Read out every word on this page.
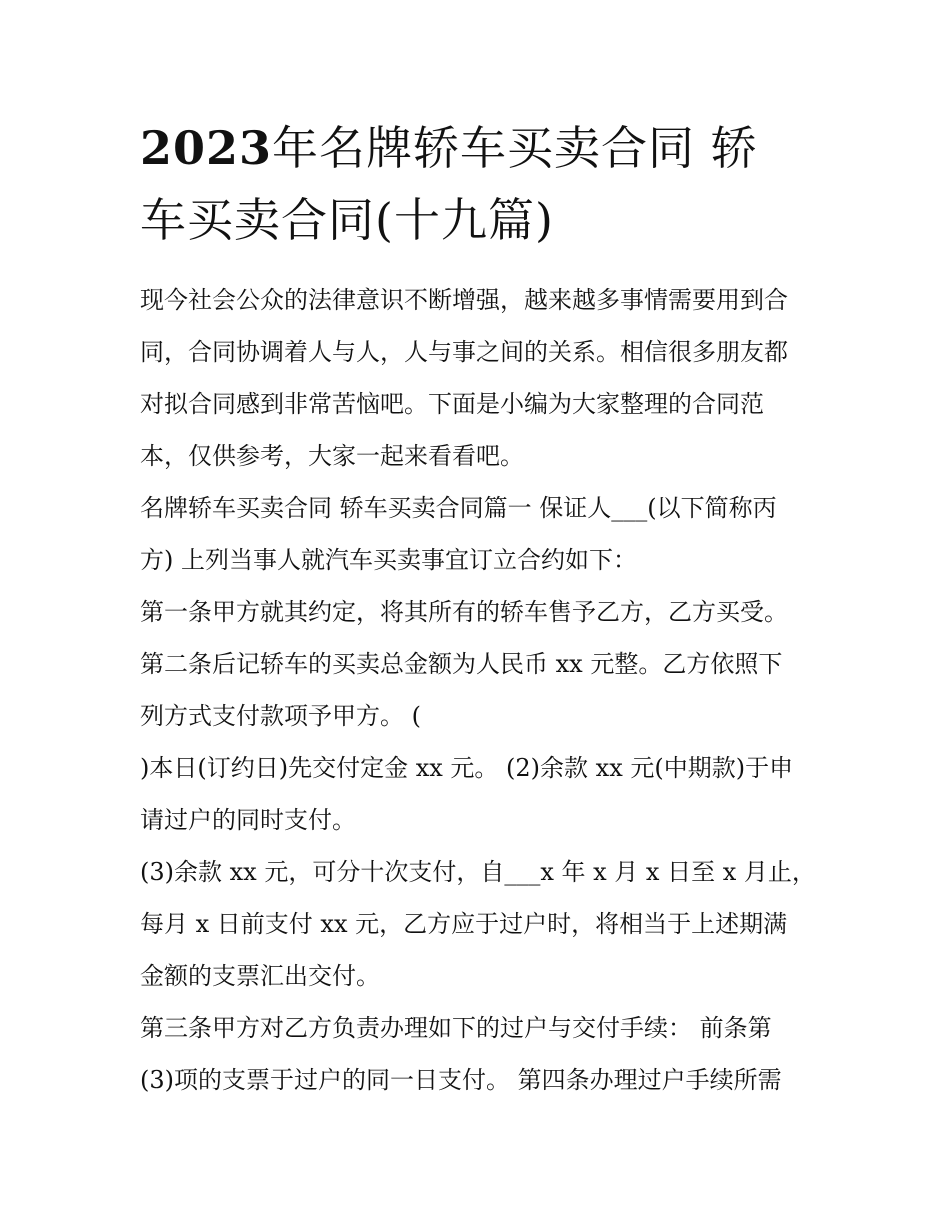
2023年名牌轿车买卖合同 轿
车买卖合同(十九篇)

现今社会公众的法律意识不断增强，越来越多事情需要用到合
同，合同协调着人与人，人与事之间的关系。相信很多朋友都
对拟合同感到非常苦恼吧。下面是小编为大家整理的合同范
本，仅供参考，大家一起来看看吧。

名牌轿车买卖合同 轿车买卖合同篇一 保证人___(以下简称丙
方) 上列当事人就汽车买卖事宜订立合约如下：

第一条甲方就其约定，将其所有的轿车售予乙方，乙方买受。

第二条后记轿车的买卖总金额为人民币 xx 元整。乙方依照下
列方式支付款项予甲方。 (
)本日(订约日)先交付定金 xx 元。 (2)余款 xx 元(中期款)于申
请过户的同时支付。

(3)余款 xx 元，可分十次支付，自___x 年 x 月 x 日至 x 月止，
每月 x 日前支付 xx 元，乙方应于过户时，将相当于上述期满
金额的支票汇出交付。

第三条甲方对乙方负责办理如下的过户与交付手续： 前条第
(3)项的支票于过户的同一日支付。 第四条办理过户手续所需
